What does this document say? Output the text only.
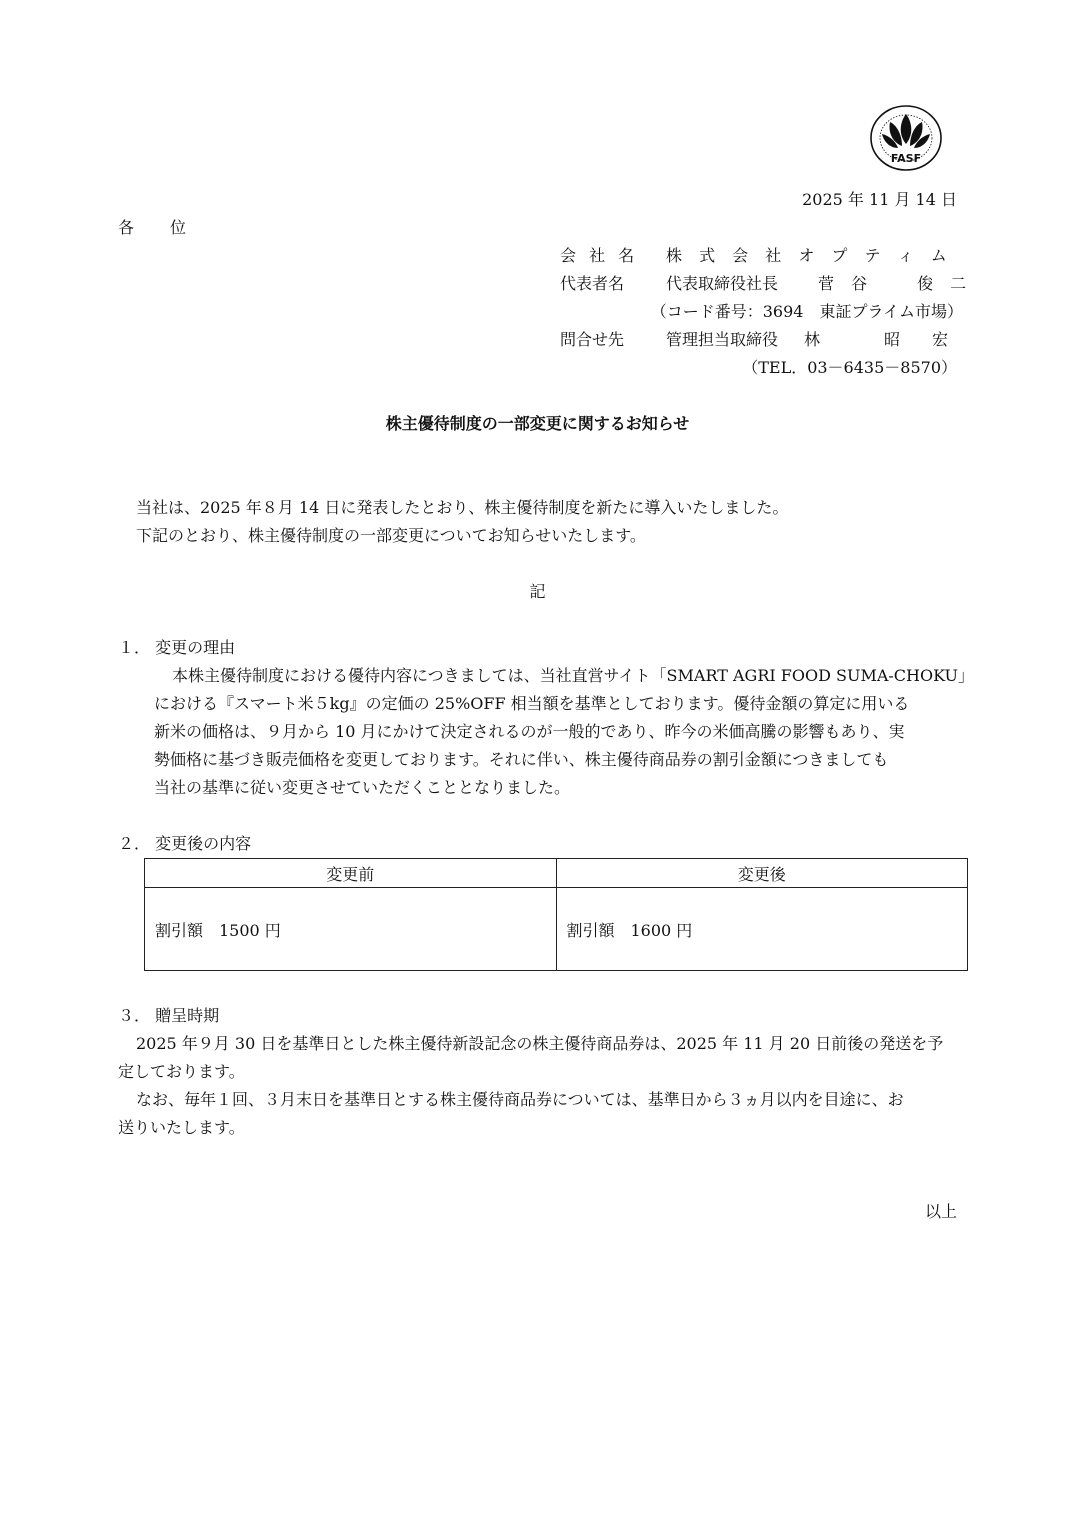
FASF
2025 年 11 月 14 日
各　位
会 社 名 株 式 会 社 オ プ テ ィ ム
代表者名	代表取締役社長 菅 谷　　俊 二
（コード番号：3694　東証プライム市場）
問合せ先	管理担当取締役 林　　　　昭　　宏
（TEL．03－6435－8570）
株主優待制度の一部変更に関するお知らせ
当社は、2025 年８月 14 日に発表したとおり、株主優待制度を新たに導入いたしました。
下記のとおり、株主優待制度の一部変更についてお知らせいたします。
記
１． 変更の理由
本株主優待制度における優待内容につきましては、当社直営サイト「SMART AGRI FOOD SUMA-CHOKU」
における『スマート米５kg』の定価の 25%OFF 相当額を基準としております。優待金額の算定に用いる
新米の価格は、９月から 10 月にかけて決定されるのが一般的であり、昨今の米価高騰の影響もあり、実
勢価格に基づき販売価格を変更しております。それに伴い、株主優待商品券の割引金額につきましても
当社の基準に従い変更させていただくこととなりました。
２． 変更後の内容
変更前	変更後
割引額　1500 円	割引額　1600 円
３． 贈呈時期
2025 年９月 30 日を基準日とした株主優待新設記念の株主優待商品券は、2025 年 11 月 20 日前後の発送を予
定しております。
なお、毎年１回、３月末日を基準日とする株主優待商品券については、基準日から３ヵ月以内を目途に、お
送りいたします。
以上
